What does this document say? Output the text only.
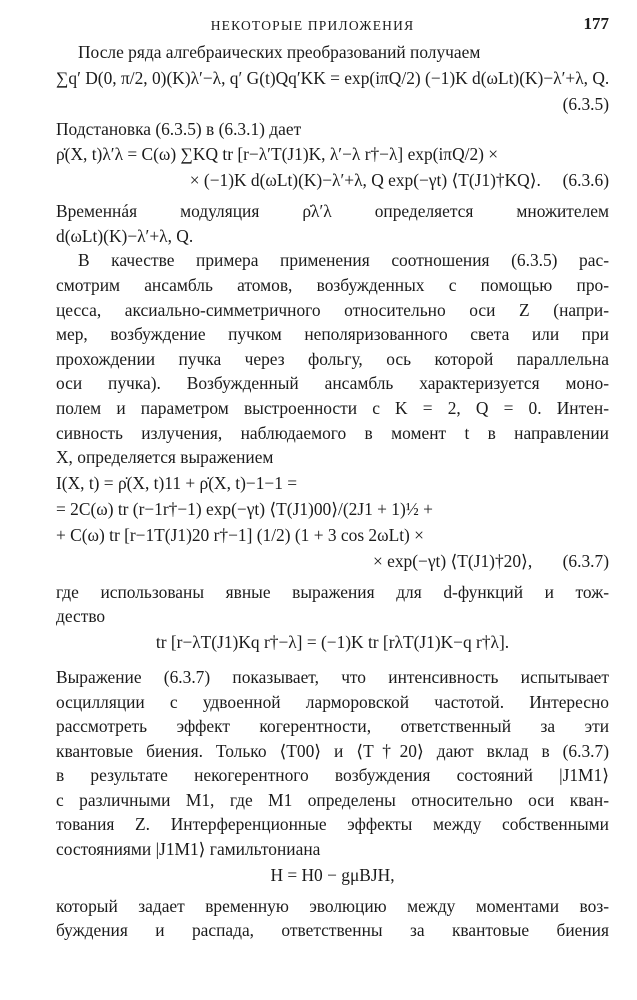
НЕКОТОРЫЕ ПРИЛОЖЕНИЯ	177
После ряда алгебраических преобразований получаем
∑q′ D(0, π/2, 0)(K)λ′−λ, q′ G(t)Qq′KK = exp(iπQ/2) (−1)K d(ωLt)(K)−λ′+λ, Q.
(6.3.5)
Подстановка (6.3.5) в (6.3.1) дает
ρ̇(X, t)λ′λ = C(ω) ∑KQ tr [r−λ′T(J1)K, λ′−λ r†−λ] exp(iπQ/2) ×
× (−1)K d(ωLt)(K)−λ′+λ, Q exp(−γt) ⟨T(J1)†KQ⟩. (6.3.6)
Временнáя модуляция ρ̇λ′λ определяется множителем
d(ωLt)(K)−λ′+λ, Q.
В качестве примера применения соотношения (6.3.5) рас-
смотрим ансамбль атомов, возбужденных с помощью про-
цесса, аксиально-симметричного относительно оси Z (напри-
мер, возбуждение пучком неполяризованного света или при
прохождении пучка через фольгу, ось которой параллельна
оси пучка). Возбужденный ансамбль характеризуется моно-
полем и параметром выстроенности с K = 2, Q = 0. Интен-
сивность излучения, наблюдаемого в момент t в направлении
X, определяется выражением
I(X, t) = ρ̇(X, t)11 + ρ̇(X, t)−1−1 =
= 2C(ω) tr (r−1r†−1) exp(−γt) ⟨T(J1)00⟩/(2J1 + 1)½ +
+ C(ω) tr [r−1T(J1)20 r†−1] (1/2) (1 + 3 cos 2ωLt) ×
× exp(−γt) ⟨T(J1)†20⟩, (6.3.7)
где использованы явные выражения для d-функций и тож-
дество
tr [r−λT(J1)Kq r†−λ] = (−1)K tr [rλT(J1)K−q r†λ].
Выражение (6.3.7) показывает, что интенсивность испытывает
осцилляции с удвоенной ларморовской частотой. Интересно
рассмотреть эффект когерентности, ответственный за эти
квантовые биения. Только ⟨T00⟩ и ⟨T†20⟩ дают вклад в (6.3.7)
в результате некогерентного возбуждения состояний |J1M1⟩
с различными M1, где M1 определены относительно оси кван-
тования Z. Интерференционные эффекты между собственными
состояниями |J1M1⟩ гамильтониана
H = H0 − gμBJH,
который задает временную эволюцию между моментами воз-
буждения и распада, ответственны за квантовые биения
